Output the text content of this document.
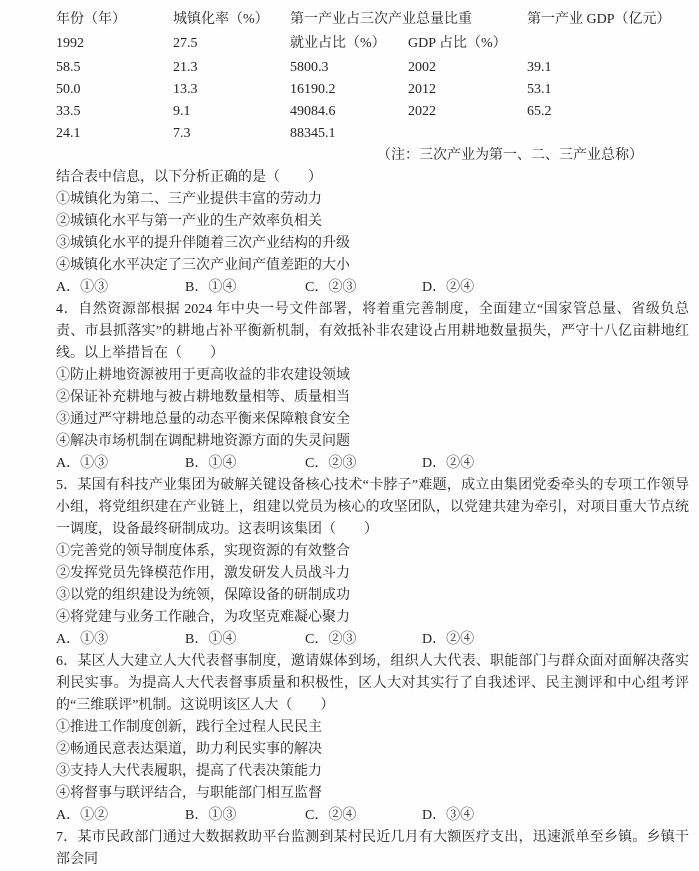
年份（年）	城镇化率（%）	第一产业占三次产业总量比重	第一产业 GDP（亿元）
就业占比（%）	GDP 占比（%）
1992	27.5
58.5	21.3	5800.3	2002	39.1
50.0	13.3	16190.2	2012	53.1
33.5	9.1	49084.6	2022	65.2
24.1	7.3	88345.1
（注：三次产业为第一、二、三产业总称）

结合表中信息，以下分析正确的是（　　）

①城镇化为第二、三产业提供丰富的劳动力

②城镇化水平与第一产业的生产效率负相关

③城镇化水平的提升伴随着三次产业结构的升级

④城镇化水平决定了三次产业间产值差距的大小

A．①③	B．①④	C．②③	D．②④

4．自然资源部根据 2024 年中央一号文件部署，将着重完善制度，全面建立“国家管总量、省级负总责、市县抓落实”的耕地占补平衡新机制，有效抵补非农建设占用耕地数量损失，严守十八亿亩耕地红线。以上举措旨在（　　）

①防止耕地资源被用于更高收益的非农建设领域

②保证补充耕地与被占耕地数量相等、质量相当

③通过严守耕地总量的动态平衡来保障粮食安全

④解决市场机制在调配耕地资源方面的失灵问题

A．①③	B．①④	C．②③	D．②④

5．某国有科技产业集团为破解关键设备核心技术“卡脖子”难题，成立由集团党委牵头的专项工作领导小组，将党组织建在产业链上，组建以党员为核心的攻坚团队，以党建共建为牵引，对项目重大节点统一调度，设备最终研制成功。这表明该集团（　　）

①完善党的领导制度体系，实现资源的有效整合

②发挥党员先锋模范作用，激发研发人员战斗力

③以党的组织建设为统领，保障设备的研制成功

④将党建与业务工作融合，为攻坚克难凝心聚力

A．①③	B．①④	C．②③	D．②④

6．某区人大建立人大代表督事制度，邀请媒体到场，组织人大代表、职能部门与群众面对面解决落实利民实事。为提高人大代表督事质量和积极性，区人大对其实行了自我述评、民主测评和中心组考评的“三维联评”机制。这说明该区人大（　　）

①推进工作制度创新，践行全过程人民民主

②畅通民意表达渠道，助力利民实事的解决

③支持人大代表履职，提高了代表决策能力

④将督事与联评结合，与职能部门相互监督

A．①②	B．①③	C．②④	D．③④

7．某市民政部门通过大数据救助平台监测到某村民近几月有大额医疗支出，迅速派单至乡镇。乡镇干部会同
